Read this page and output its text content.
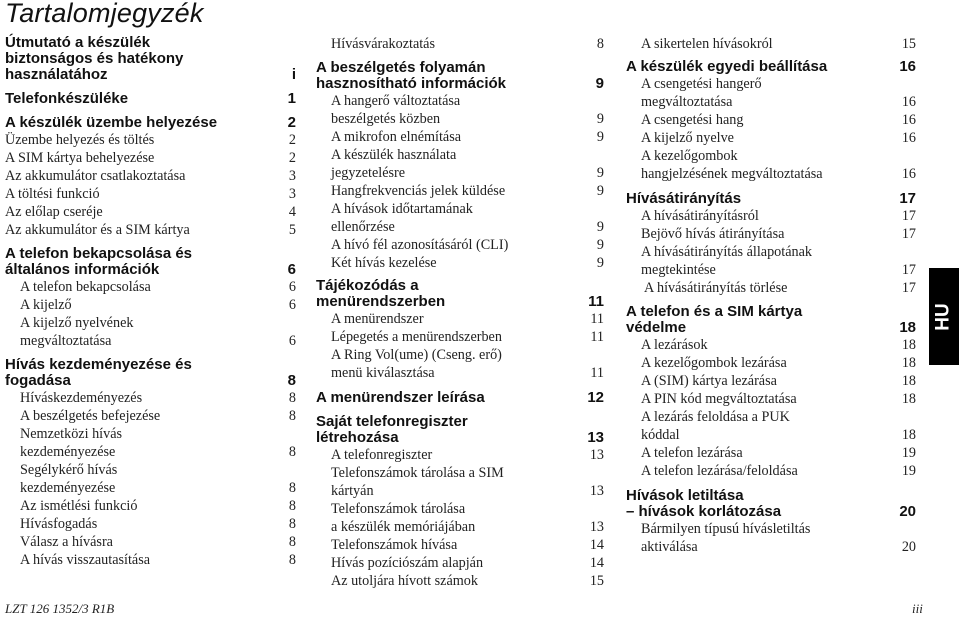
Tartalomjegyzék
Útmutató a készülék
biztonságos és hatékony
használatához	i
Telefonkészüléke	1
A készülék üzembe helyezése	2
Üzembe helyezés és töltés	2
A SIM kártya behelyezése	2
Az akkumulátor csatlakoztatása	3
A töltési funkció	3
Az előlap cseréje	4
Az akkumulátor és a SIM kártya	5
A telefon bekapcsolása és
általános információk	6
A telefon bekapcsolása	6
A kijelző	6
A kijelző nyelvének
megváltoztatása	6
Hívás kezdeményezése és
fogadása	8
Híváskezdeményezés	8
A beszélgetés befejezése	8
Nemzetközi hívás
kezdeményezése	8
Segélykérő hívás
kezdeményezése	8
Az ismétlési funkció	8
Hívásfogadás	8
Válasz a hívásra	8
A hívás visszautasítása	8
Hívásvárakoztatás	8
A beszélgetés folyamán
hasznosítható információk	9
A hangerő változtatása
beszélgetés közben	9
A mikrofon elnémítása	9
A készülék használata
jegyzetelésre	9
Hangfrekvenciás jelek küldése	9
A hívások időtartamának
ellenőrzése	9
A hívó fél azonosításáról (CLI)	9
Két hívás kezelése	9
Tájékozódás a
menürendszerben	11
A menürendszer	11
Lépegetés a menürendszerben	11
A Ring Vol(ume) (Cseng. erő)
menü kiválasztása	11
A menürendszer leírása	12
Saját telefonregiszter
létrehozása	13
A telefonregiszter	13
Telefonszámok tárolása a SIM
kártyán	13
Telefonszámok tárolása
a készülék memóriájában	13
Telefonszámok hívása	14
Hívás pozíciószám alapján	14
Az utoljára hívott számok	15
A sikertelen hívásokról	15
A készülék egyedi beállítása	16
A csengetési hangerő
megváltoztatása	16
A csengetési hang	16
A kijelző nyelve	16
A kezelőgombok
hangjelzésének megváltoztatása	16
Hívásátirányítás	17
A hívásátirányításról	17
Bejövő hívás átirányítása	17
A hívásátirányítás állapotának
megtekintése	17
A hívásátirányítás törlése	17
A telefon és a SIM kártya
védelme	18
A lezárások	18
A kezelőgombok lezárása	18
A (SIM) kártya lezárása	18
A PIN kód megváltoztatása	18
A lezárás feloldása a PUK
kóddal	18
A telefon lezárása	19
A telefon lezárása/feloldása	19
Hívások letiltása
– hívások korlátozása	20
Bármilyen típusú hívásletiltás
aktiválása	20
HU
LZT 126 1352/3 R1B	iii
